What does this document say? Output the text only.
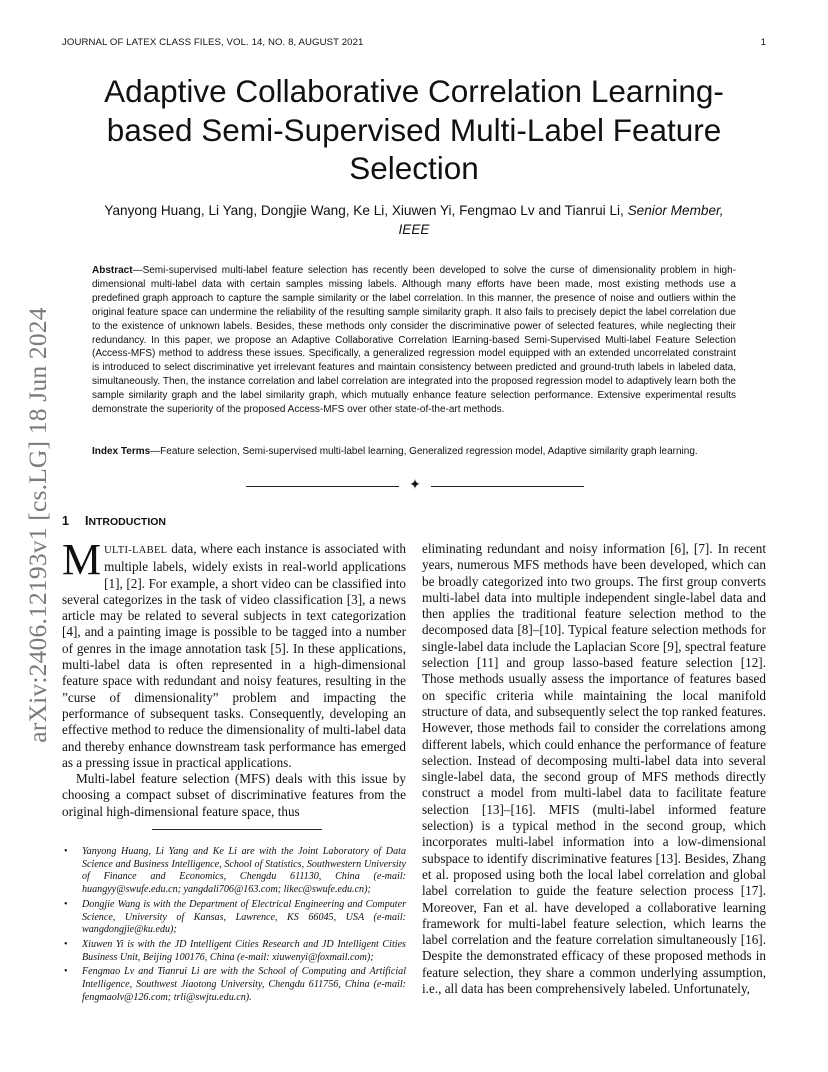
JOURNAL OF LATEX CLASS FILES, VOL. 14, NO. 8, AUGUST 2021	1
arXiv:2406.12193v1 [cs.LG] 18 Jun 2024
Adaptive Collaborative Correlation Learning-based Semi-Supervised Multi-Label Feature Selection
Yanyong Huang, Li Yang, Dongjie Wang, Ke Li, Xiuwen Yi, Fengmao Lv and Tianrui Li, Senior Member, IEEE
Abstract—Semi-supervised multi-label feature selection has recently been developed to solve the curse of dimensionality problem in high-dimensional multi-label data with certain samples missing labels. Although many efforts have been made, most existing methods use a predefined graph approach to capture the sample similarity or the label correlation. In this manner, the presence of noise and outliers within the original feature space can undermine the reliability of the resulting sample similarity graph. It also fails to precisely depict the label correlation due to the existence of unknown labels. Besides, these methods only consider the discriminative power of selected features, while neglecting their redundancy. In this paper, we propose an Adaptive Collaborative Correlation lEarning-based Semi-Supervised Multi-label Feature Selection (Access-MFS) method to address these issues. Specifically, a generalized regression model equipped with an extended uncorrelated constraint is introduced to select discriminative yet irrelevant features and maintain consistency between predicted and ground-truth labels in labeled data, simultaneously. Then, the instance correlation and label correlation are integrated into the proposed regression model to adaptively learn both the sample similarity graph and the label similarity graph, which mutually enhance feature selection performance. Extensive experimental results demonstrate the superiority of the proposed Access-MFS over other state-of-the-art methods.
Index Terms—Feature selection, Semi-supervised multi-label learning, Generalized regression model, Adaptive similarity graph learning.
✦
1 INTRODUCTION

MULTI-LABEL data, where each instance is associated with multiple labels, widely exists in real-world applications [1], [2]. For example, a short video can be classified into several categorizes in the task of video classification [3], a news article may be related to several subjects in text categorization [4], and a painting image is possible to be tagged into a number of genres in the image annotation task [5]. In these applications, multi-label data is often represented in a high-dimensional feature space with redundant and noisy features, resulting in the ”curse of dimensionality” problem and impacting the performance of subsequent tasks. Consequently, developing an effective method to reduce the dimensionality of multi-label data and thereby enhance downstream task performance has emerged as a pressing issue in practical applications.

Multi-label feature selection (MFS) deals with this issue by choosing a compact subset of discriminative features from the original high-dimensional feature space, thus

eliminating redundant and noisy information [6], [7]. In recent years, numerous MFS methods have been developed, which can be broadly categorized into two groups. The first group converts multi-label data into multiple independent single-label data and then applies the traditional feature selection method to the decomposed data [8]–[10]. Typical feature selection methods for single-label data include the Laplacian Score [9], spectral feature selection [11] and group lasso-based feature selection [12]. Those methods usually assess the importance of features based on specific criteria while maintaining the local manifold structure of data, and subsequently select the top ranked features. However, those methods fail to consider the correlations among different labels, which could enhance the performance of feature selection. Instead of decomposing multi-label data into several single-label data, the second group of MFS methods directly construct a model from multi-label data to facilitate feature selection [13]–[16]. MFIS (multi-label informed feature selection) is a typical method in the second group, which incorporates multi-label information into a low-dimensional subspace to identify discriminative features [13]. Besides, Zhang et al. proposed using both the local label correlation and global label correlation to guide the feature selection process [17]. Moreover, Fan et al. have developed a collaborative learning framework for multi-label feature selection, which learns the label correlation and the feature correlation simultaneously [16]. Despite the demonstrated efficacy of these proposed methods in feature selection, they share a common underlying assumption, i.e., all data has been comprehensively labeled. Unfortunately,

• Yanyong Huang, Li Yang and Ke Li are with the Joint Laboratory of Data Science and Business Intelligence, School of Statistics, Southwestern University of Finance and Economics, Chengdu 611130, China (e-mail: huangyy@swufe.edu.cn; yangdali706@163.com; likec@swufe.edu.cn);
• Dongjie Wang is with the Department of Electrical Engineering and Computer Science, University of Kansas, Lawrence, KS 66045, USA (e-mail: wangdongjie@ku.edu);
• Xiuwen Yi is with the JD Intelligent Cities Research and JD Intelligent Cities Business Unit, Beijing 100176, China (e-mail: xiuwenyi@foxmail.com);
• Fengmao Lv and Tianrui Li are with the School of Computing and Artificial Intelligence, Southwest Jiaotong University, Chengdu 611756, China (e-mail: fengmaolv@126.com; trli@swjtu.edu.cn).
